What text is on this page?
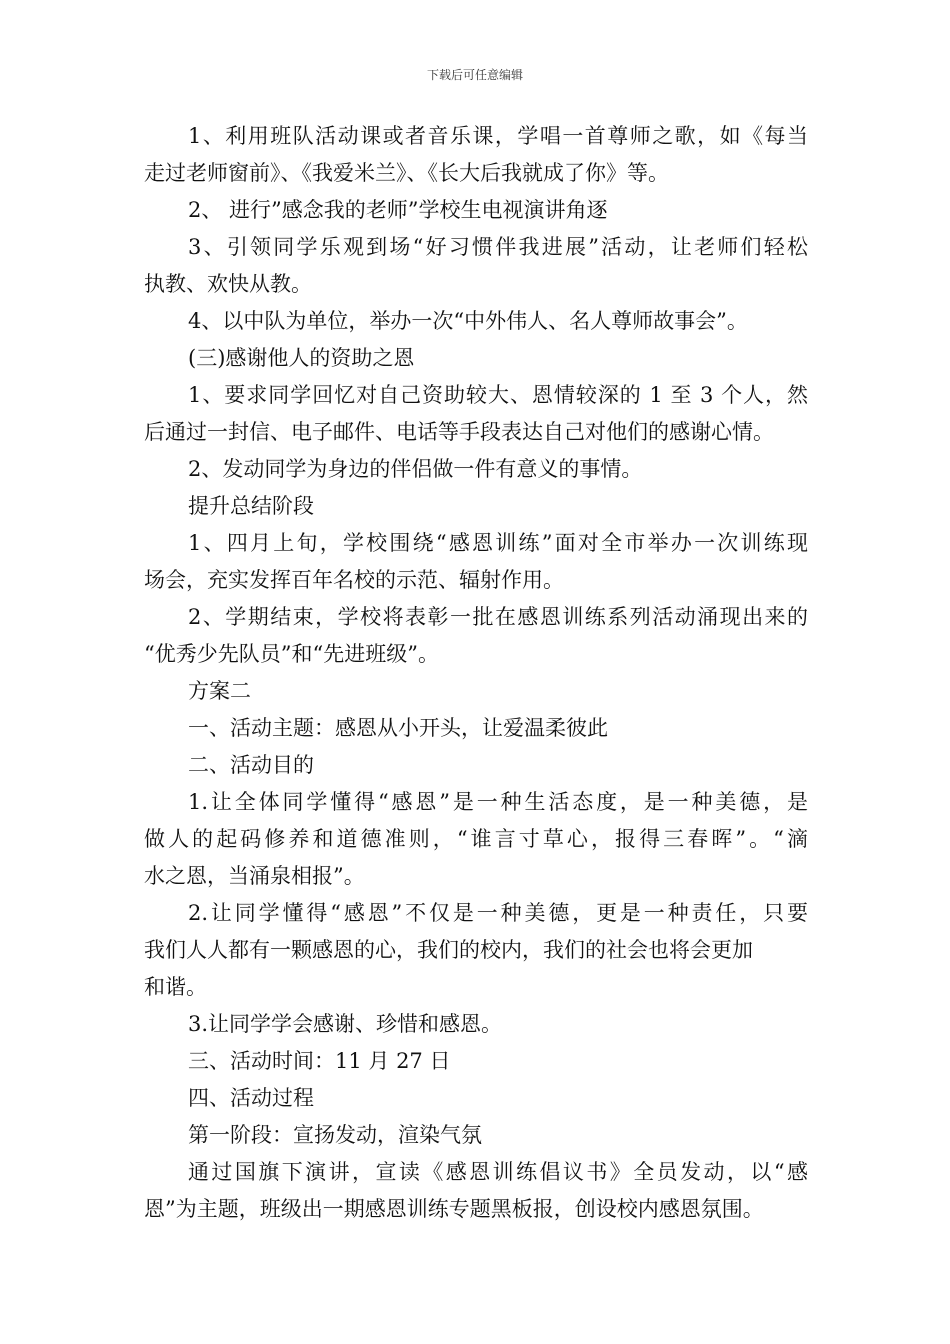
下载后可任意编辑
1、利用班队活动课或者音乐课，学唱一首尊师之歌，如《每当
走过老师窗前》、《我爱米兰》、《长大后我就成了你》等。
2、 进行”感念我的老师”学校生电视演讲角逐
3、引领同学乐观到场“好习惯伴我进展”活动，让老师们轻松
执教、欢快从教。
4、以中队为单位，举办一次“中外伟人、名人尊师故事会”。
(三)感谢他人的资助之恩
1、要求同学回忆对自己资助较大、恩情较深的 1 至 3 个人，然
后通过一封信、电子邮件、电话等手段表达自己对他们的感谢心情。
2、发动同学为身边的伴侣做一件有意义的事情。
提升总结阶段
1、四月上旬，学校围绕“感恩训练”面对全市举办一次训练现
场会，充实发挥百年名校的示范、辐射作用。
2、学期结束，学校将表彰一批在感恩训练系列活动涌现出来的
“优秀少先队员”和“先进班级”。
方案二
一、活动主题：感恩从小开头，让爱温柔彼此
二、活动目的
1.让全体同学懂得“感恩”是一种生活态度，是一种美德，是
做人的起码修养和道德准则，“谁言寸草心，报得三春晖”。“滴
水之恩，当涌泉相报”。
2.让同学懂得“感恩”不仅是一种美德，更是一种责任，只要
我们人人都有一颗感恩的心，我们的校内，我们的社会也将会更加
和谐。
3.让同学学会感谢、珍惜和感恩。
三、活动时间：11 月 27 日
四、活动过程
第一阶段：宣扬发动，渲染气氛
通过国旗下演讲，宣读《感恩训练倡议书》全员发动，以“感
恩”为主题，班级出一期感恩训练专题黑板报，创设校内感恩氛围。
